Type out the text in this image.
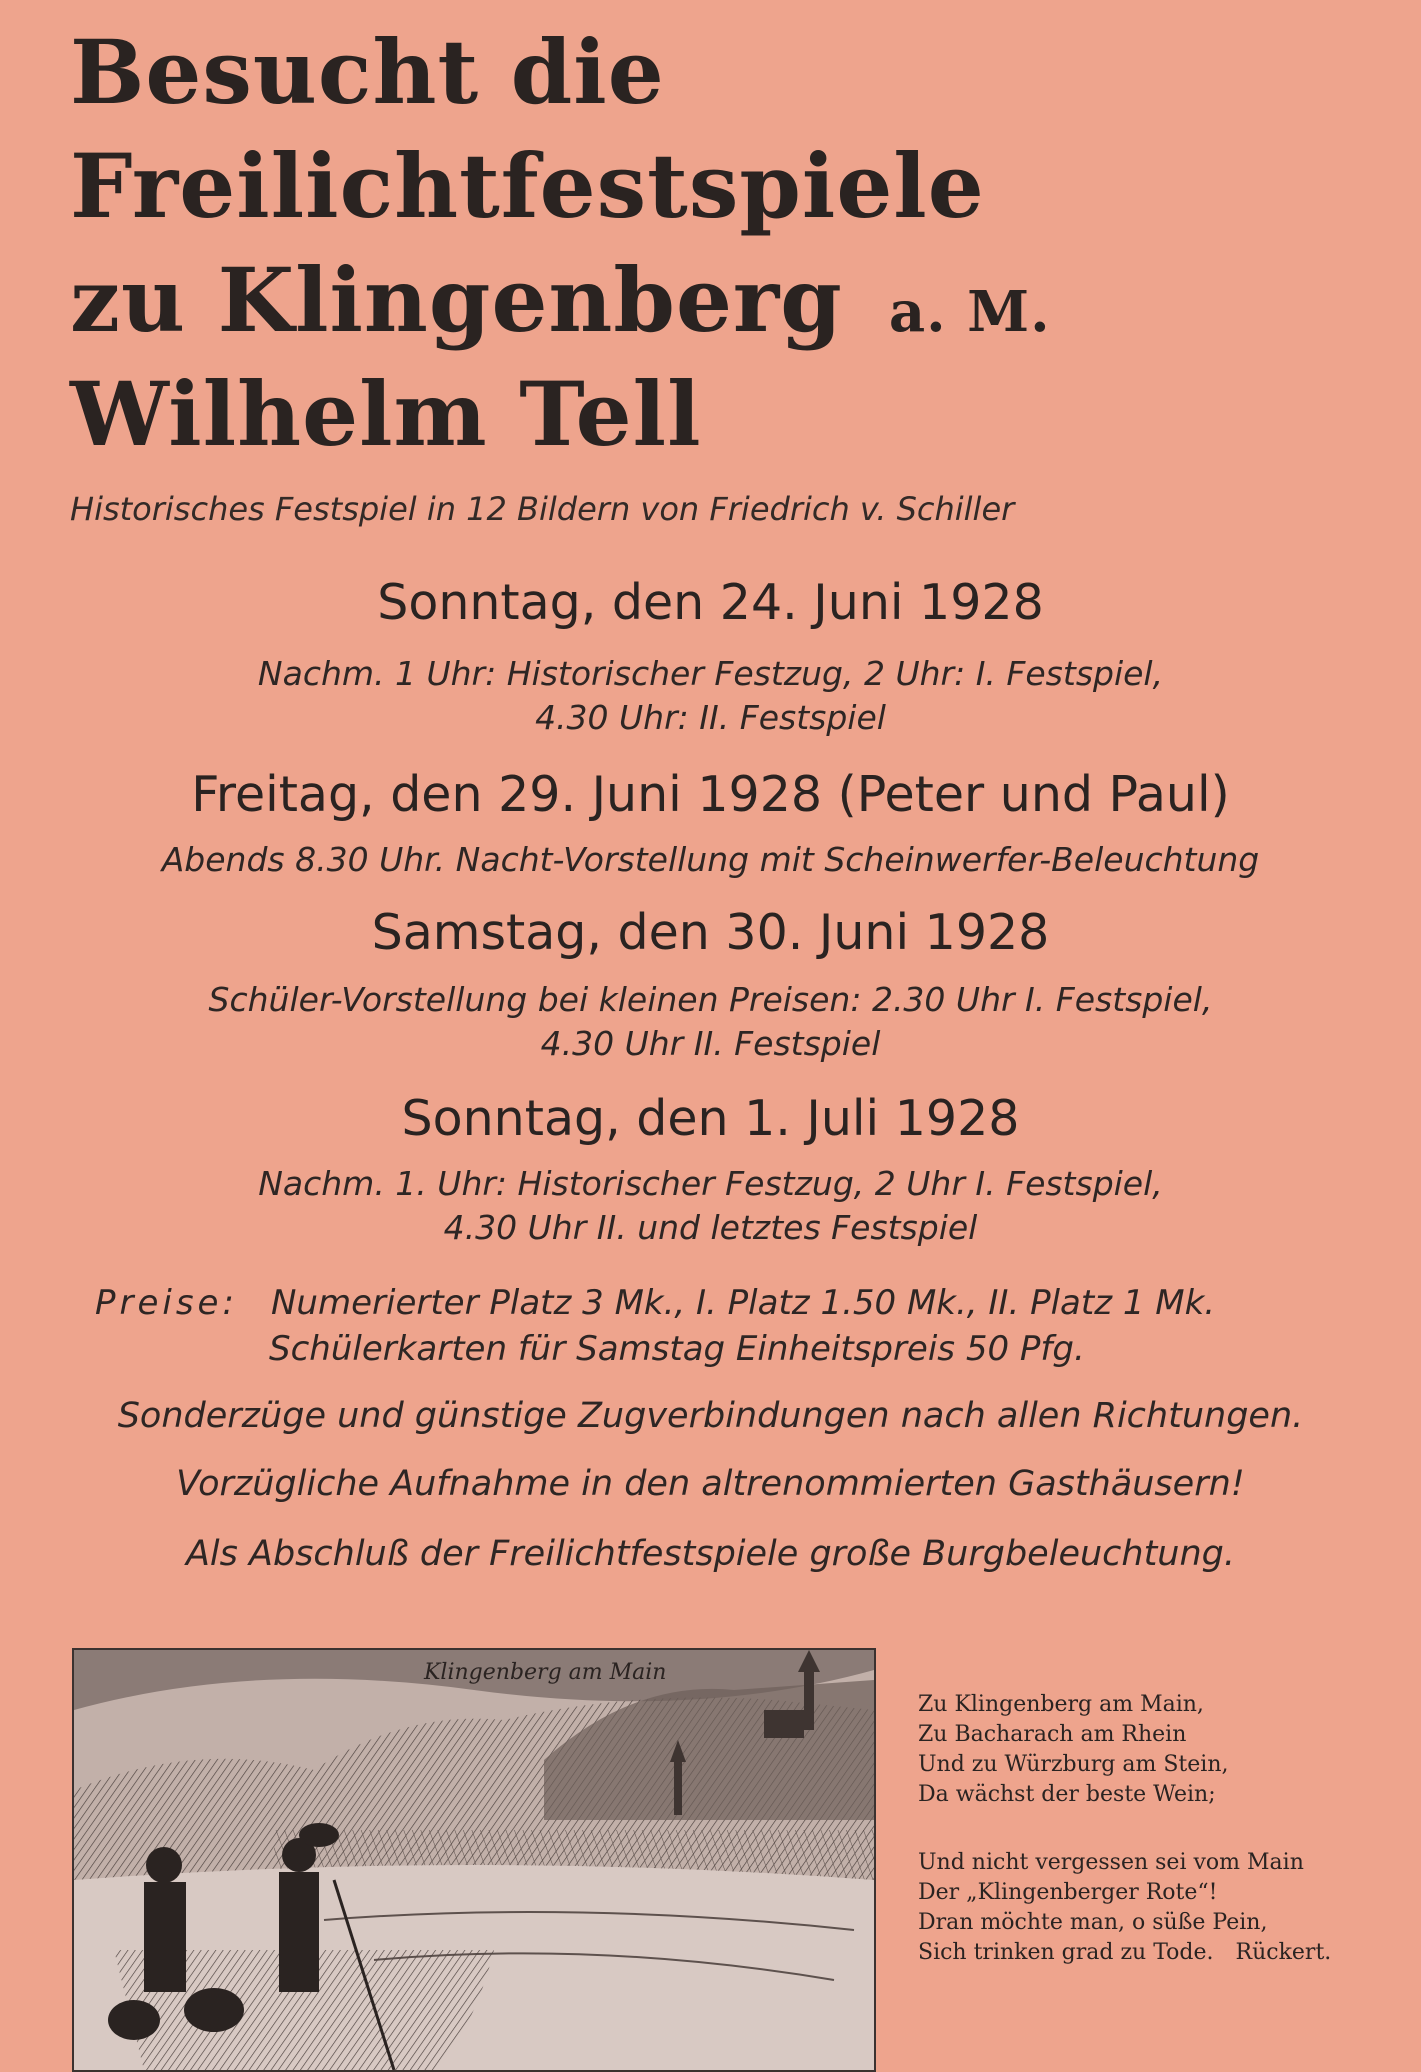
Besucht die
Freilichtfestspiele
zu Klingenberg a. M.
Wilhelm Tell
Historisches Festspiel in 12 Bildern von Friedrich v. Schiller
Sonntag, den 24. Juni 1928
Nachm. 1 Uhr: Historischer Festzug, 2 Uhr: I. Festspiel,
4.30 Uhr: II. Festspiel
Freitag, den 29. Juni 1928 (Peter und Paul)
Abends 8.30 Uhr. Nacht-Vorstellung mit Scheinwerfer-Beleuchtung
Samstag, den 30. Juni 1928
Schüler-Vorstellung bei kleinen Preisen: 2.30 Uhr I. Festspiel,
4.30 Uhr II. Festspiel
Sonntag, den 1. Juli 1928
Nachm. 1. Uhr: Historischer Festzug, 2 Uhr I. Festspiel,
4.30 Uhr II. und letztes Festspiel
Preise: Numerierter Platz 3 Mk., I. Platz 1.50 Mk., II. Platz 1 Mk.
Schülerkarten für Samstag Einheitspreis 50 Pfg.
Sonderzüge und günstige Zugverbindungen nach allen Richtungen.
Vorzügliche Aufnahme in den altrenommierten Gasthäusern!
Als Abschluß der Freilichtfestspiele große Burgbeleuchtung.
Klingenberg am Main
Zu Klingenberg am Main,
Zu Bacharach am Rhein
Und zu Würzburg am Stein,
Da wächst der beste Wein;
Und nicht vergessen sei vom Main
Der „Klingenberger Rote“!
Dran möchte man, o süße Pein,
Sich trinken grad zu Tode. Rückert.
